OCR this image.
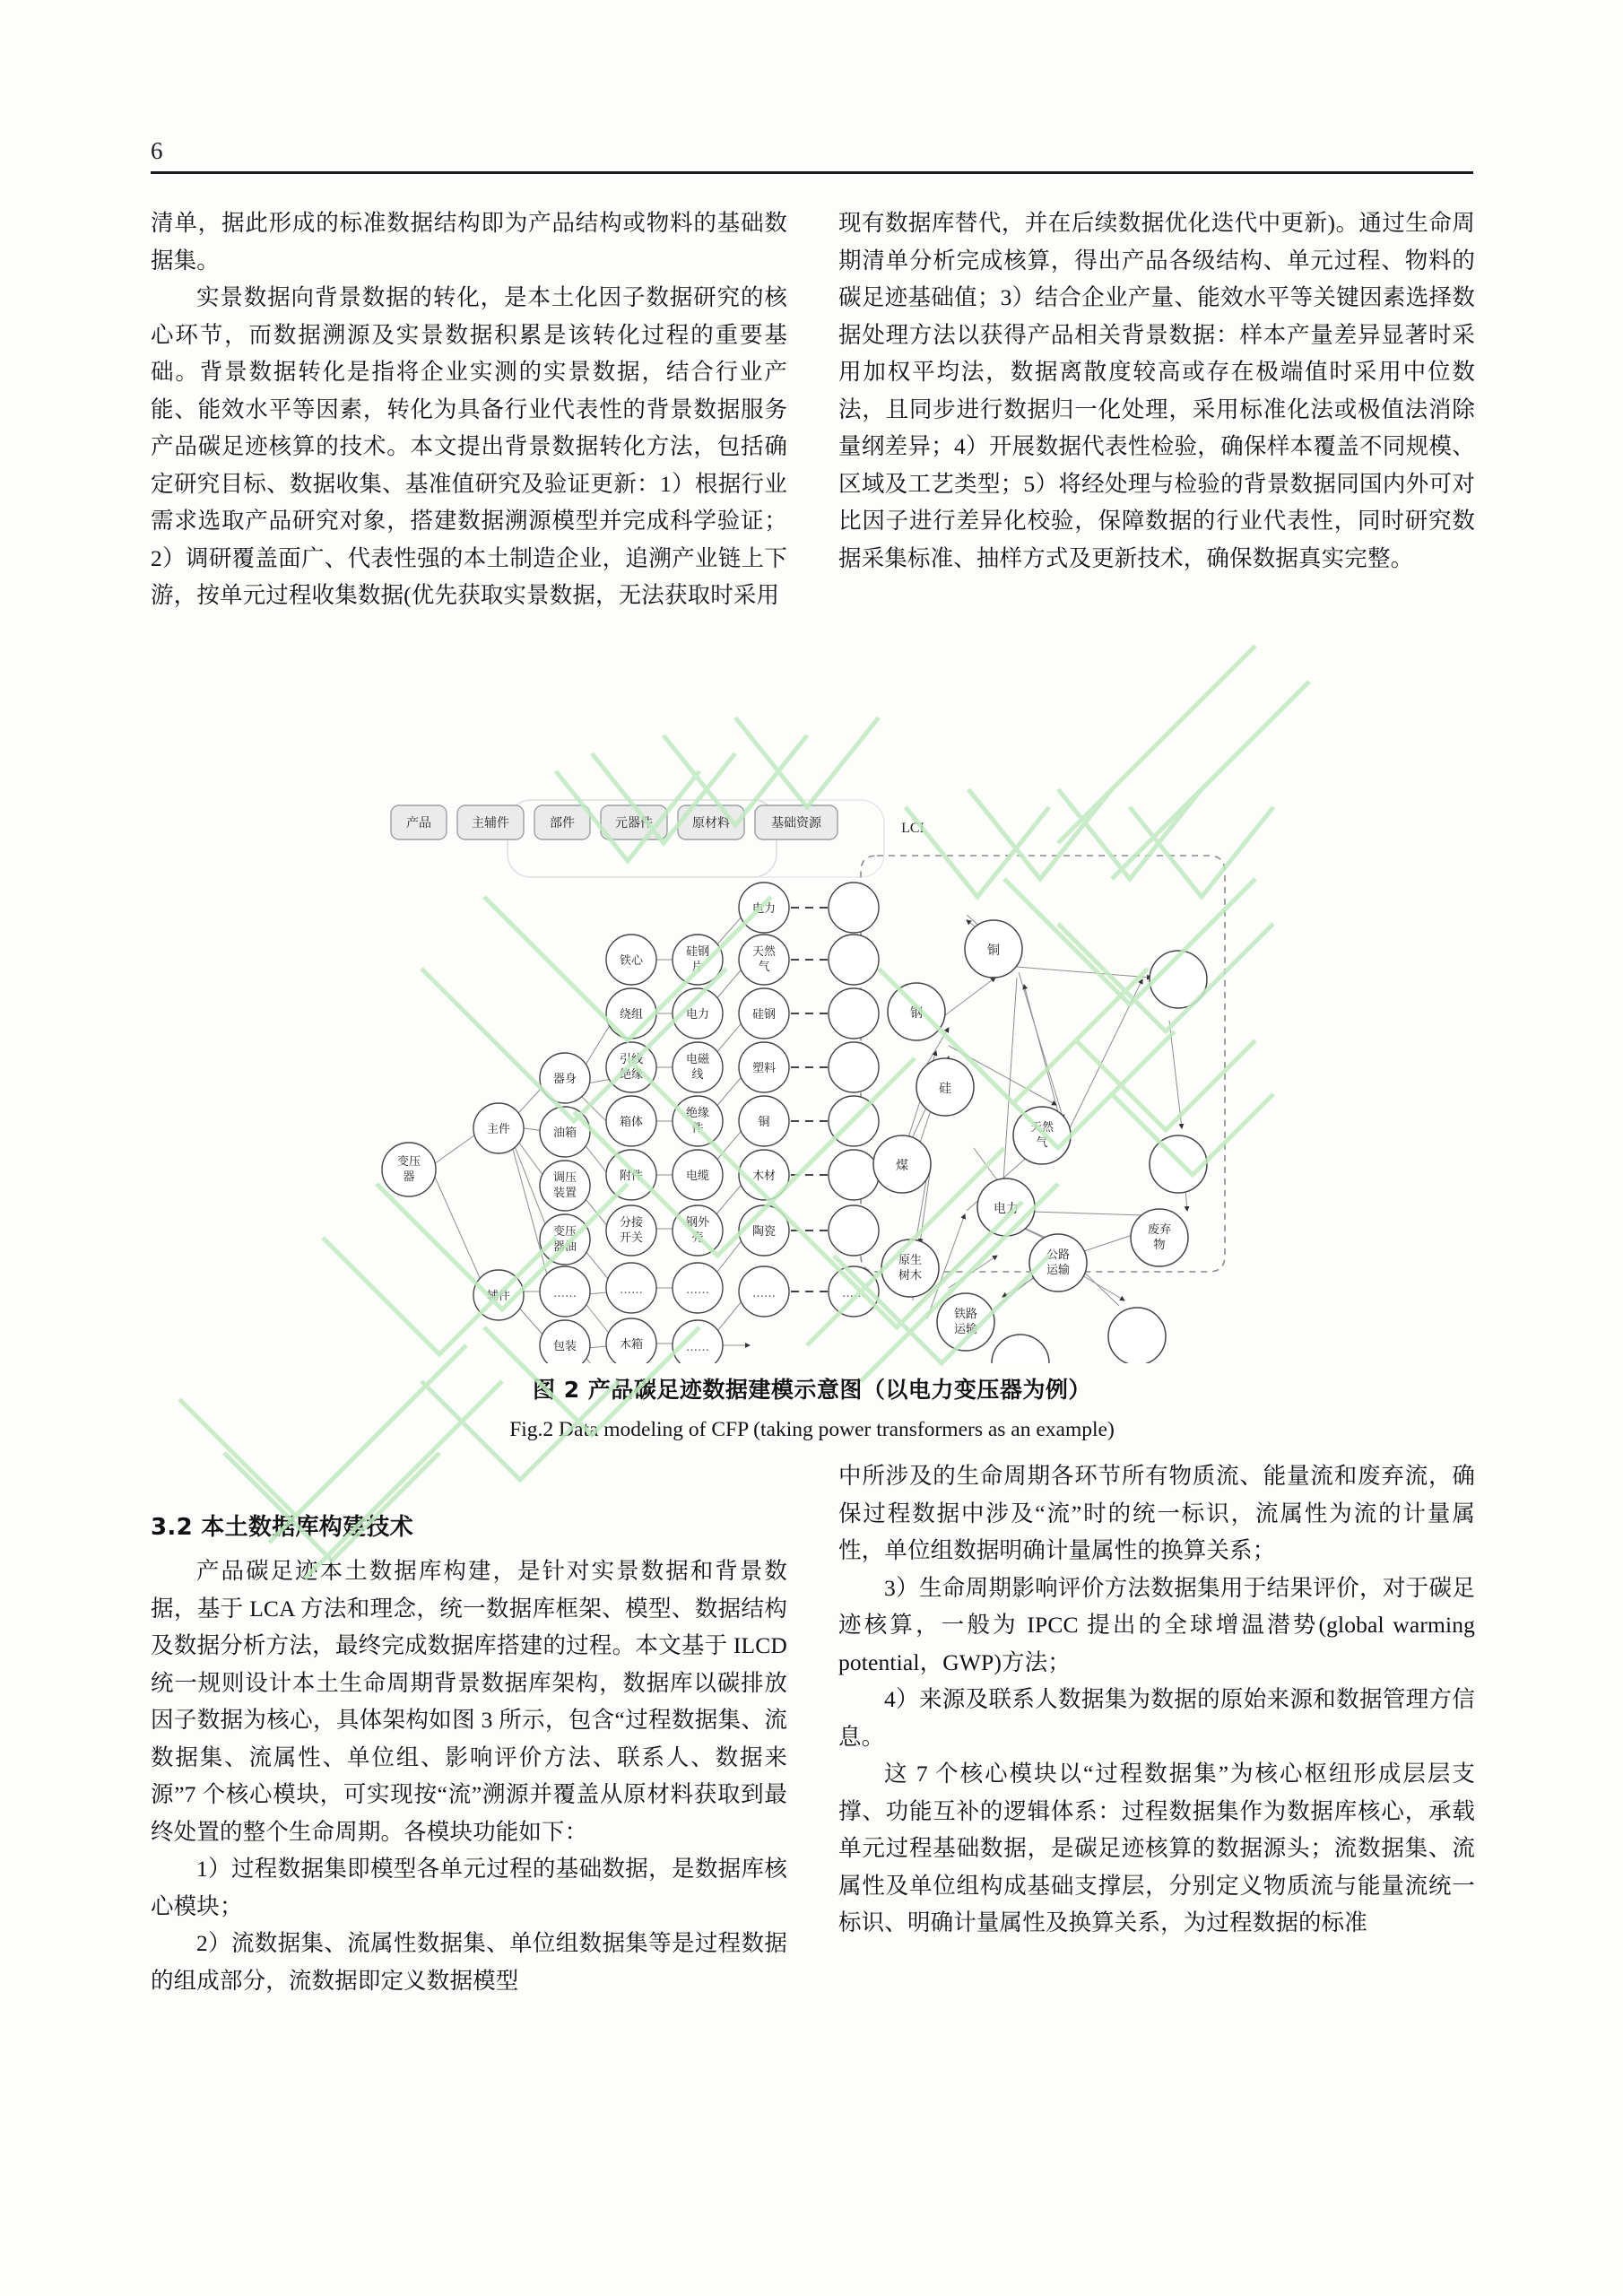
6

清单，据此形成的标准数据结构即为产品结构或物料的基础数据集。

实景数据向背景数据的转化，是本土化因子数据研究的核心环节，而数据溯源及实景数据积累是该转化过程的重要基础。背景数据转化是指将企业实测的实景数据，结合行业产能、能效水平等因素，转化为具备行业代表性的背景数据服务产品碳足迹核算的技术。本文提出背景数据转化方法，包括确定研究目标、数据收集、基准值研究及验证更新：1）根据行业需求选取产品研究对象，搭建数据溯源模型并完成科学验证；2）调研覆盖面广、代表性强的本土制造企业，追溯产业链上下游，按单元过程收集数据(优先获取实景数据，无法获取时采用

现有数据库替代，并在后续数据优化迭代中更新)。通过生命周期清单分析完成核算，得出产品各级结构、单元过程、物料的碳足迹基础值；3）结合企业产量、能效水平等关键因素选择数据处理方法以获得产品相关背景数据：样本产量差异显著时采用加权平均法，数据离散度较高或存在极端值时采用中位数法，且同步进行数据归一化处理，采用标准化法或极值法消除量纲差异；4）开展数据代表性检验，确保样本覆盖不同规模、区域及工艺类型；5）将经处理与检验的背景数据同国内外可对比因子进行差异化校验，保障数据的行业代表性，同时研究数据采集标准、抽样方式及更新技术，确保数据真实完整。

产品	主辅件	部件	元器件	原材料	基础资源	LCI
变压
器
主件
辅件
器身
油箱
调压
装置
变压
器油
……
包装
铁心
绕组
引线
绝缘
箱体
附件
分接
开关
……
木箱
硅钢
片
电力
电磁
线
绝缘
件
电缆
钢外
壳
……
……
电力
天然
气
硅钢
塑料
铜
木材
陶瓷
……	……
钢
铜
天然
气
硅
煤
电力
原生
树木
公路
运输
废弃
物
铁路
运输
图 2 产品碳足迹数据建模示意图（以电力变压器为例）
Fig.2 Data modeling of CFP (taking power transformers as an example)
3.2 本土数据库构建技术

产品碳足迹本土数据库构建，是针对实景数据和背景数据，基于 LCA 方法和理念，统一数据库框架、模型、数据结构及数据分析方法，最终完成数据库搭建的过程。本文基于 ILCD 统一规则设计本土生命周期背景数据库架构，数据库以碳排放因子数据为核心，具体架构如图 3 所示，包含“过程数据集、流数据集、流属性、单位组、影响评价方法、联系人、数据来源”7 个核心模块，可实现按“流”溯源并覆盖从原材料获取到最终处置的整个生命周期。各模块功能如下：

1）过程数据集即模型各单元过程的基础数据，是数据库核心模块；

2）流数据集、流属性数据集、单位组数据集等是过程数据的组成部分，流数据即定义数据模型

中所涉及的生命周期各环节所有物质流、能量流和废弃流，确保过程数据中涉及“流”时的统一标识，流属性为流的计量属性，单位组数据明确计量属性的换算关系；

3）生命周期影响评价方法数据集用于结果评价，对于碳足迹核算，一般为 IPCC 提出的全球增温潜势(global warming potential，GWP)方法；

4）来源及联系人数据集为数据的原始来源和数据管理方信息。

这 7 个核心模块以“过程数据集”为核心枢纽形成层层支撑、功能互补的逻辑体系：过程数据集作为数据库核心，承载单元过程基础数据，是碳足迹核算的数据源头；流数据集、流属性及单位组构成基础支撑层，分别定义物质流与能量流统一标识、明确计量属性及换算关系，为过程数据的标准
